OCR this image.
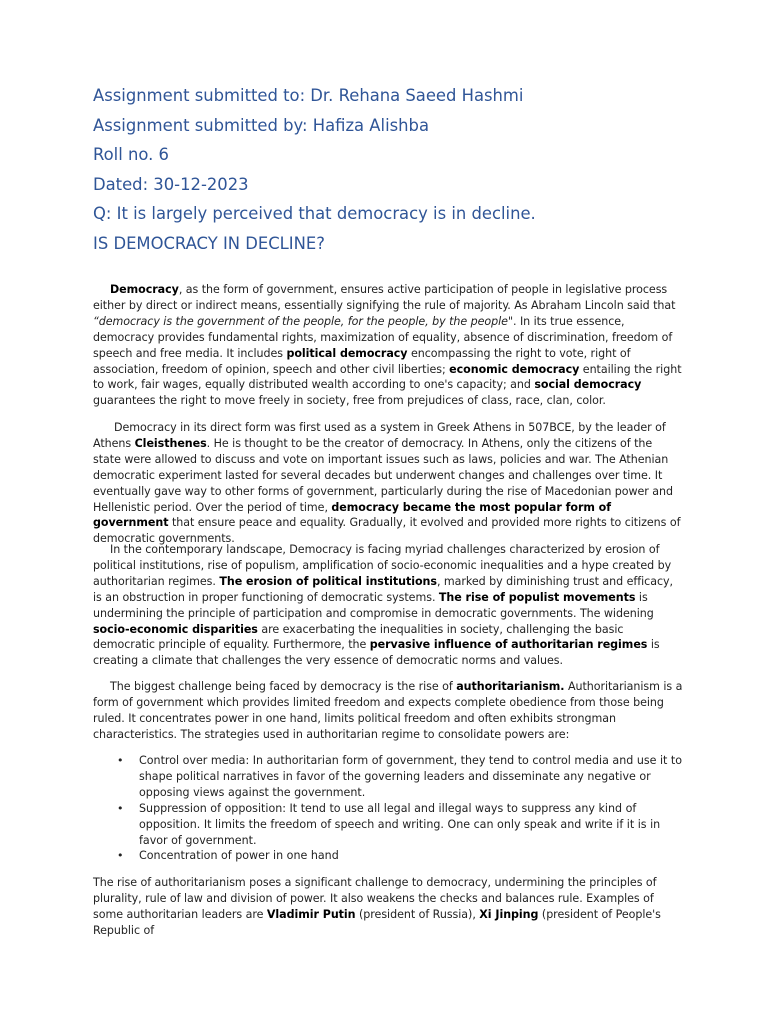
Assignment submitted to: Dr. Rehana Saeed Hashmi
Assignment submitted by: Hafiza Alishba
Roll no. 6
Dated: 30-12-2023
Q: It is largely perceived that democracy is in decline.
IS DEMOCRACY IN DECLINE?

Democracy, as the form of government, ensures active participation of people in legislative process either by direct or indirect means, essentially signifying the rule of majority. As Abraham Lincoln said that “democracy is the government of the people, for the people, by the people". In its true essence, democracy provides fundamental rights, maximization of equality, absence of discrimination, freedom of speech and free media. It includes political democracy encompassing the right to vote, right of association, freedom of opinion, speech and other civil liberties; economic democracy entailing the right to work, fair wages, equally distributed wealth according to one's capacity; and social democracy guarantees the right to move freely in society, free from prejudices of class, race, clan, color.

Democracy in its direct form was first used as a system in Greek Athens in 507BCE, by the leader of Athens Cleisthenes. He is thought to be the creator of democracy. In Athens, only the citizens of the state were allowed to discuss and vote on important issues such as laws, policies and war. The Athenian democratic experiment lasted for several decades but underwent changes and challenges over time. It eventually gave way to other forms of government, particularly during the rise of Macedonian power and Hellenistic period. Over the period of time, democracy became the most popular form of government that ensure peace and equality. Gradually, it evolved and provided more rights to citizens of democratic governments.

In the contemporary landscape, Democracy is facing myriad challenges characterized by erosion of political institutions, rise of populism, amplification of socio-economic inequalities and a hype created by authoritarian regimes. The erosion of political institutions, marked by diminishing trust and efficacy, is an obstruction in proper functioning of democratic systems. The rise of populist movements is undermining the principle of participation and compromise in democratic governments. The widening socio-economic disparities are exacerbating the inequalities in society, challenging the basic democratic principle of equality. Furthermore, the pervasive influence of authoritarian regimes is creating a climate that challenges the very essence of democratic norms and values.

The biggest challenge being faced by democracy is the rise of authoritarianism. Authoritarianism is a form of government which provides limited freedom and expects complete obedience from those being ruled. It concentrates power in one hand, limits political freedom and often exhibits strongman characteristics. The strategies used in authoritarian regime to consolidate powers are:

• Control over media: In authoritarian form of government, they tend to control media and use it to shape political narratives in favor of the governing leaders and disseminate any negative or opposing views against the government.
• Suppression of opposition: It tend to use all legal and illegal ways to suppress any kind of opposition. It limits the freedom of speech and writing. One can only speak and write if it is in favor of government.
• Concentration of power in one hand

The rise of authoritarianism poses a significant challenge to democracy, undermining the principles of plurality, rule of law and division of power. It also weakens the checks and balances rule. Examples of some authoritarian leaders are Vladimir Putin (president of Russia), Xi Jinping (president of People's Republic of
